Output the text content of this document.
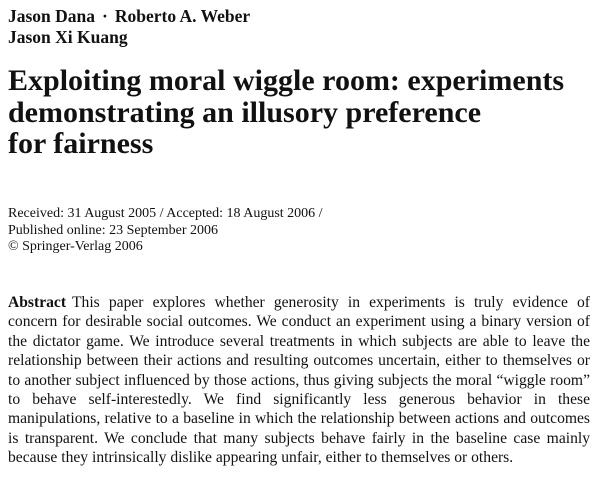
Jason Dana · Roberto A. Weber
Jason Xi Kuang
Exploiting moral wiggle room: experiments
demonstrating an illusory preference
for fairness
Received: 31 August 2005 / Accepted: 18 August 2006 /
Published online: 23 September 2006
© Springer-Verlag 2006

Abstract This paper explores whether generosity in experiments is truly evidence of concern for desirable social outcomes. We conduct an experiment using a binary version of the dictator game. We introduce several treatments in which subjects are able to leave the relationship between their actions and resulting outcomes uncertain, either to themselves or to another subject influenced by those actions, thus giving subjects the moral “wiggle room” to behave self-interestedly. We find significantly less generous behavior in these manipulations, relative to a baseline in which the relationship between actions and outcomes is transparent. We conclude that many subjects behave fairly in the baseline case mainly because they intrinsically dislike appearing unfair, either to themselves or others.
